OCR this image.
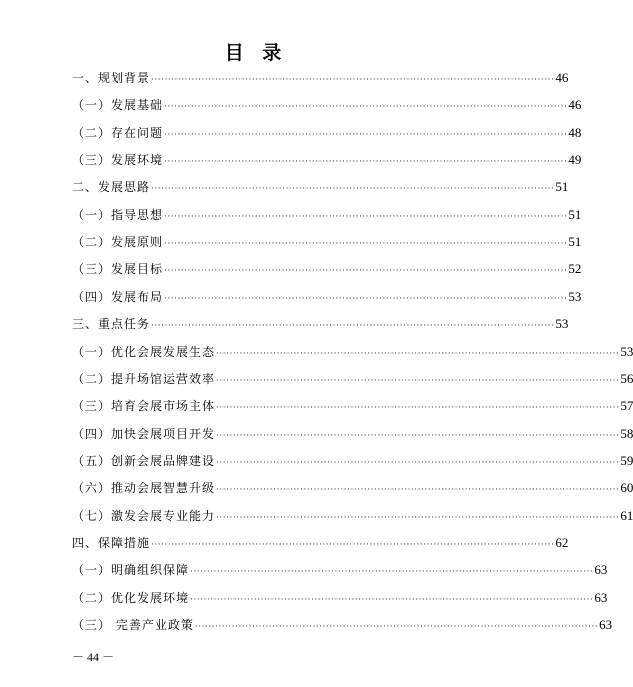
目 录
一、规划背景 ························································································································ 46
（一）发展基础 ························································································································ 46
（二）存在问题 ························································································································ 48
（三）发展环境 ························································································································ 49
二、发展思路 ························································································································ 51
（一）指导思想 ························································································································ 51
（二）发展原则 ························································································································ 51
（三）发展目标 ························································································································ 52
（四）发展布局 ························································································································ 53
三、重点任务 ························································································································ 53
（一）优化会展发展生态 ························································································································ 53
（二）提升场馆运营效率 ························································································································ 56
（三）培育会展市场主体 ························································································································ 57
（四）加快会展项目开发 ························································································································ 58
（五）创新会展品牌建设 ························································································································ 59
（六）推动会展智慧升级 ························································································································ 60
（七）激发会展专业能力 ························································································································ 61
四、保障措施 ························································································································ 62
（一）明确组织保障 ························································································································ 63
（二）优化发展环境 ························································································································ 63
（三） 完善产业政策 ························································································································ 63
－ 44 －
